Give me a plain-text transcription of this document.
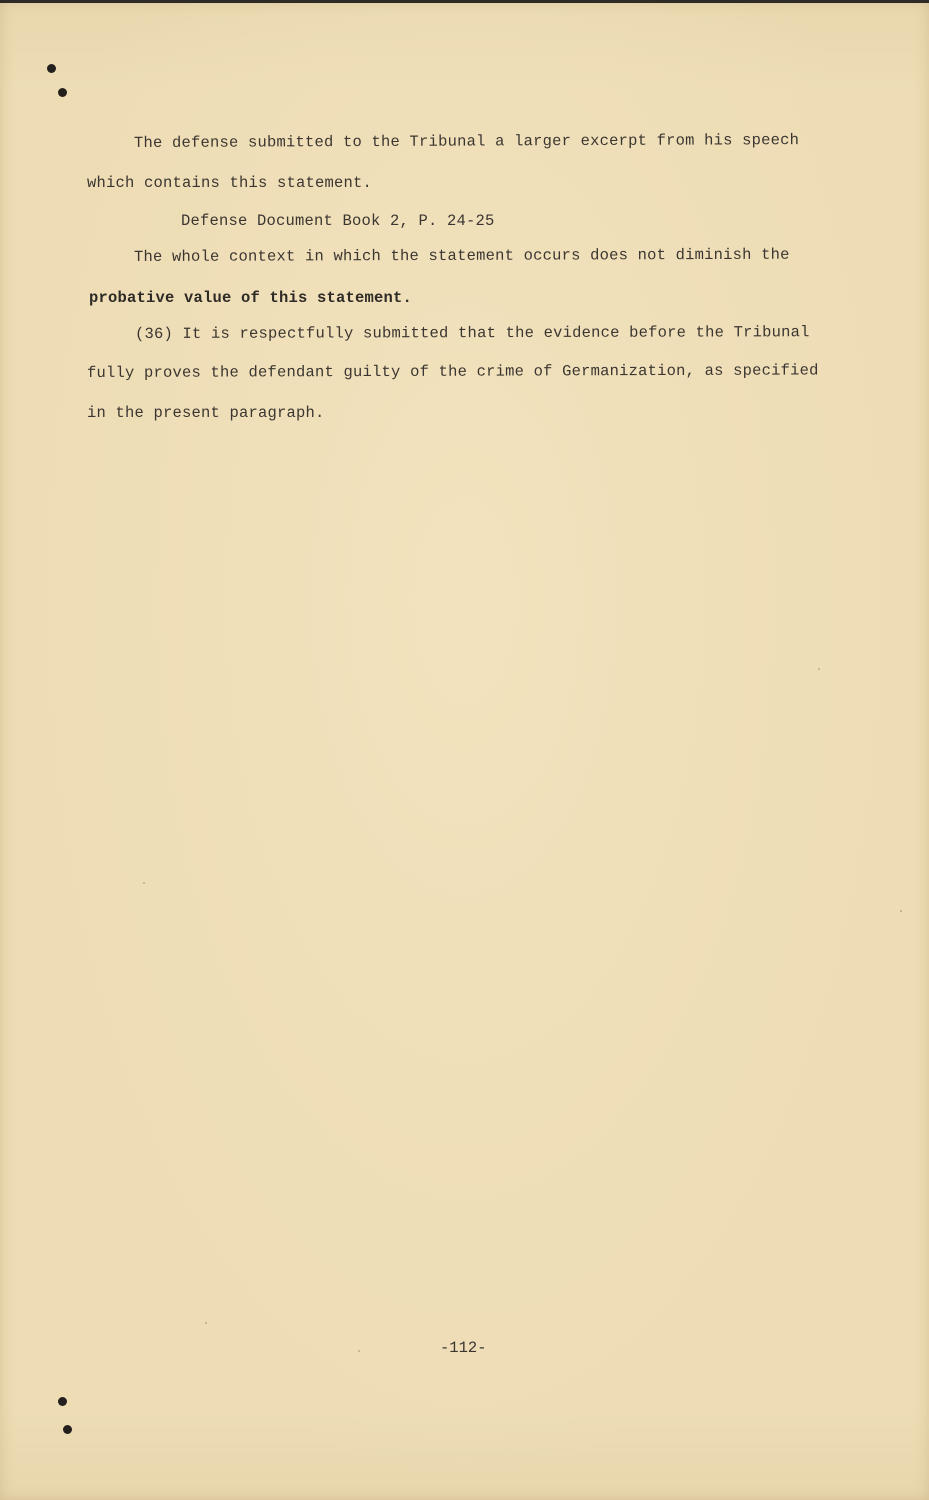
The defense submitted to the Tribunal a larger excerpt from his speech
which contains this statement.
Defense Document Book 2, P. 24-25
The whole context in which the statement occurs does not diminish the
probative value of this statement.
(36) It is respectfully submitted that the evidence before the Tribunal
fully proves the defendant guilty of the crime of Germanization, as specified
in the present paragraph.
-112-
